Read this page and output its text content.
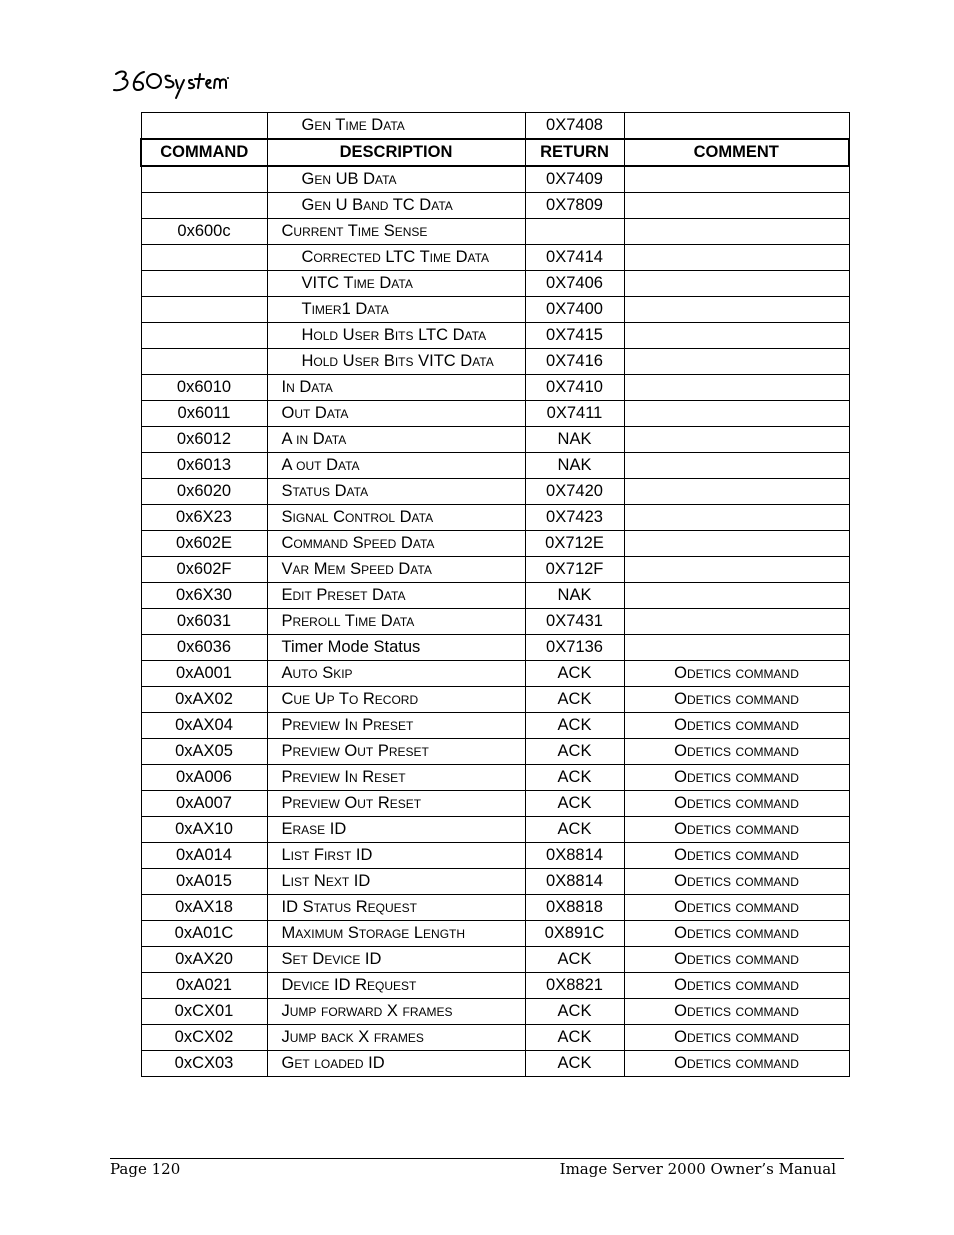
	Gen Time Data	0X7408	
COMMAND	DESCRIPTION	RETURN	COMMENT
	Gen UB Data	0X7409	
	Gen U Band TC Data	0X7809	
0x600c	Current Time Sense		
	Corrected LTC Time Data	0X7414	
	VITC Time Data	0X7406	
	Timer1 Data	0X7400	
	Hold User Bits LTC Data	0X7415	
	Hold User Bits VITC Data	0X7416	
0x6010	In Data	0X7410	
0x6011	Out Data	0X7411	
0x6012	A in Data	NAK	
0x6013	A out Data	NAK	
0x6020	Status Data	0X7420	
0x6X23	Signal Control Data	0X7423	
0x602E	Command Speed Data	0X712E	
0x602F	Var Mem Speed Data	0X712F	
0x6X30	Edit Preset Data	NAK	
0x6031	Preroll Time Data	0X7431	
0x6036	Timer Mode Status	0X7136	
0xA001	Auto Skip	ACK	Odetics command
0xAX02	Cue Up To Record	ACK	Odetics command
0xAX04	Preview In Preset	ACK	Odetics command
0xAX05	Preview Out Preset	ACK	Odetics command
0xA006	Preview In Reset	ACK	Odetics command
0xA007	Preview Out Reset	ACK	Odetics command
0xAX10	Erase ID	ACK	Odetics command
0xA014	List First ID	0X8814	Odetics command
0xA015	List Next ID	0X8814	Odetics command
0xAX18	ID Status Request	0X8818	Odetics command
0xA01C	Maximum Storage Length	0X891C	Odetics command
0xAX20	Set Device ID	ACK	Odetics command
0xA021	Device ID Request	0X8821	Odetics command
0xCX01	Jump forward X frames	ACK	Odetics command
0xCX02	Jump back X frames	ACK	Odetics command
0xCX03	Get loaded ID	ACK	Odetics command
Page 120	Image Server 2000 Owner’s Manual
